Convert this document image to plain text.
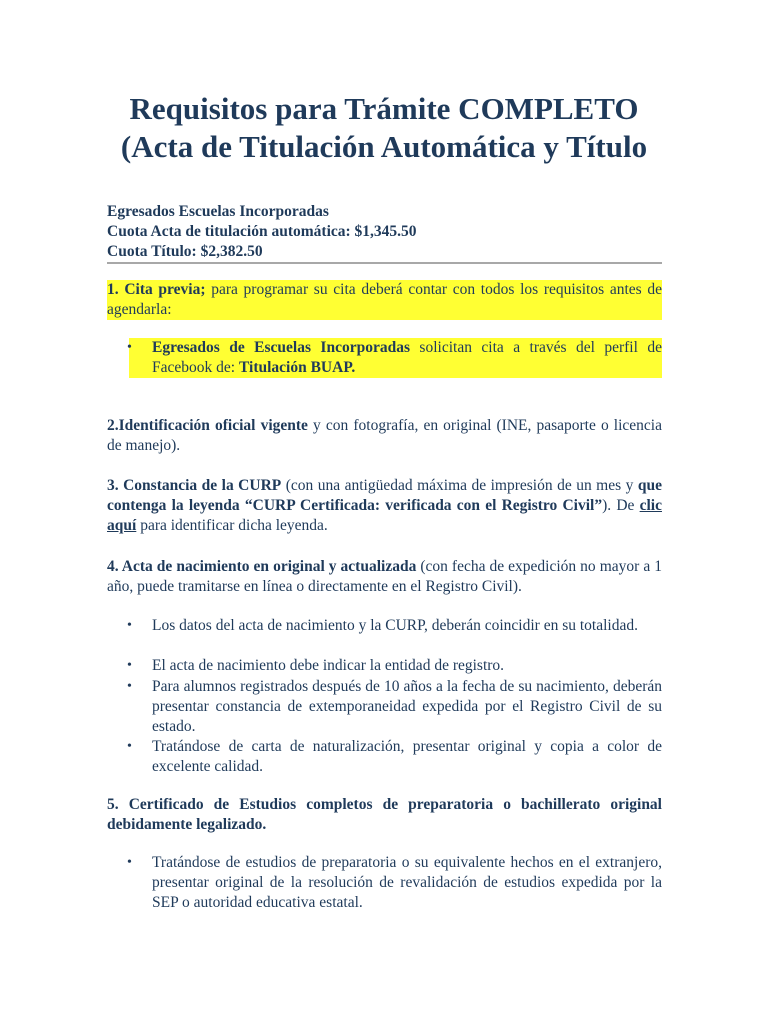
Requisitos para Trámite COMPLETO
(Acta de Titulación Automática y Título
Egresados Escuelas Incorporadas
Cuota Acta de titulación automática: $1,345.50
Cuota Título: $2,382.50
1. Cita previa; para programar su cita deberá contar con todos los requisitos antes de agendarla:
•	Egresados de Escuelas Incorporadas solicitan cita a través del perfil de Facebook de: Titulación BUAP.
2.Identificación oficial vigente y con fotografía, en original (INE, pasaporte o licencia de manejo).
3. Constancia de la CURP (con una antigüedad máxima de impresión de un mes y que contenga la leyenda “CURP Certificada: verificada con el Registro Civil”). De clic aquí para identificar dicha leyenda.
4. Acta de nacimiento en original y actualizada (con fecha de expedición no mayor a 1 año, puede tramitarse en línea o directamente en el Registro Civil).
•	Los datos del acta de nacimiento y la CURP, deberán coincidir en su totalidad.
•	El acta de nacimiento debe indicar la entidad de registro.
•	Para alumnos registrados después de 10 años a la fecha de su nacimiento, deberán presentar constancia de extemporaneidad expedida por el Registro Civil de su estado.
•	Tratándose de carta de naturalización, presentar original y copia a color de excelente calidad.
5. Certificado de Estudios completos de preparatoria o bachillerato original debidamente legalizado.
•	Tratándose de estudios de preparatoria o su equivalente hechos en el extranjero, presentar original de la resolución de revalidación de estudios expedida por la SEP o autoridad educativa estatal.
